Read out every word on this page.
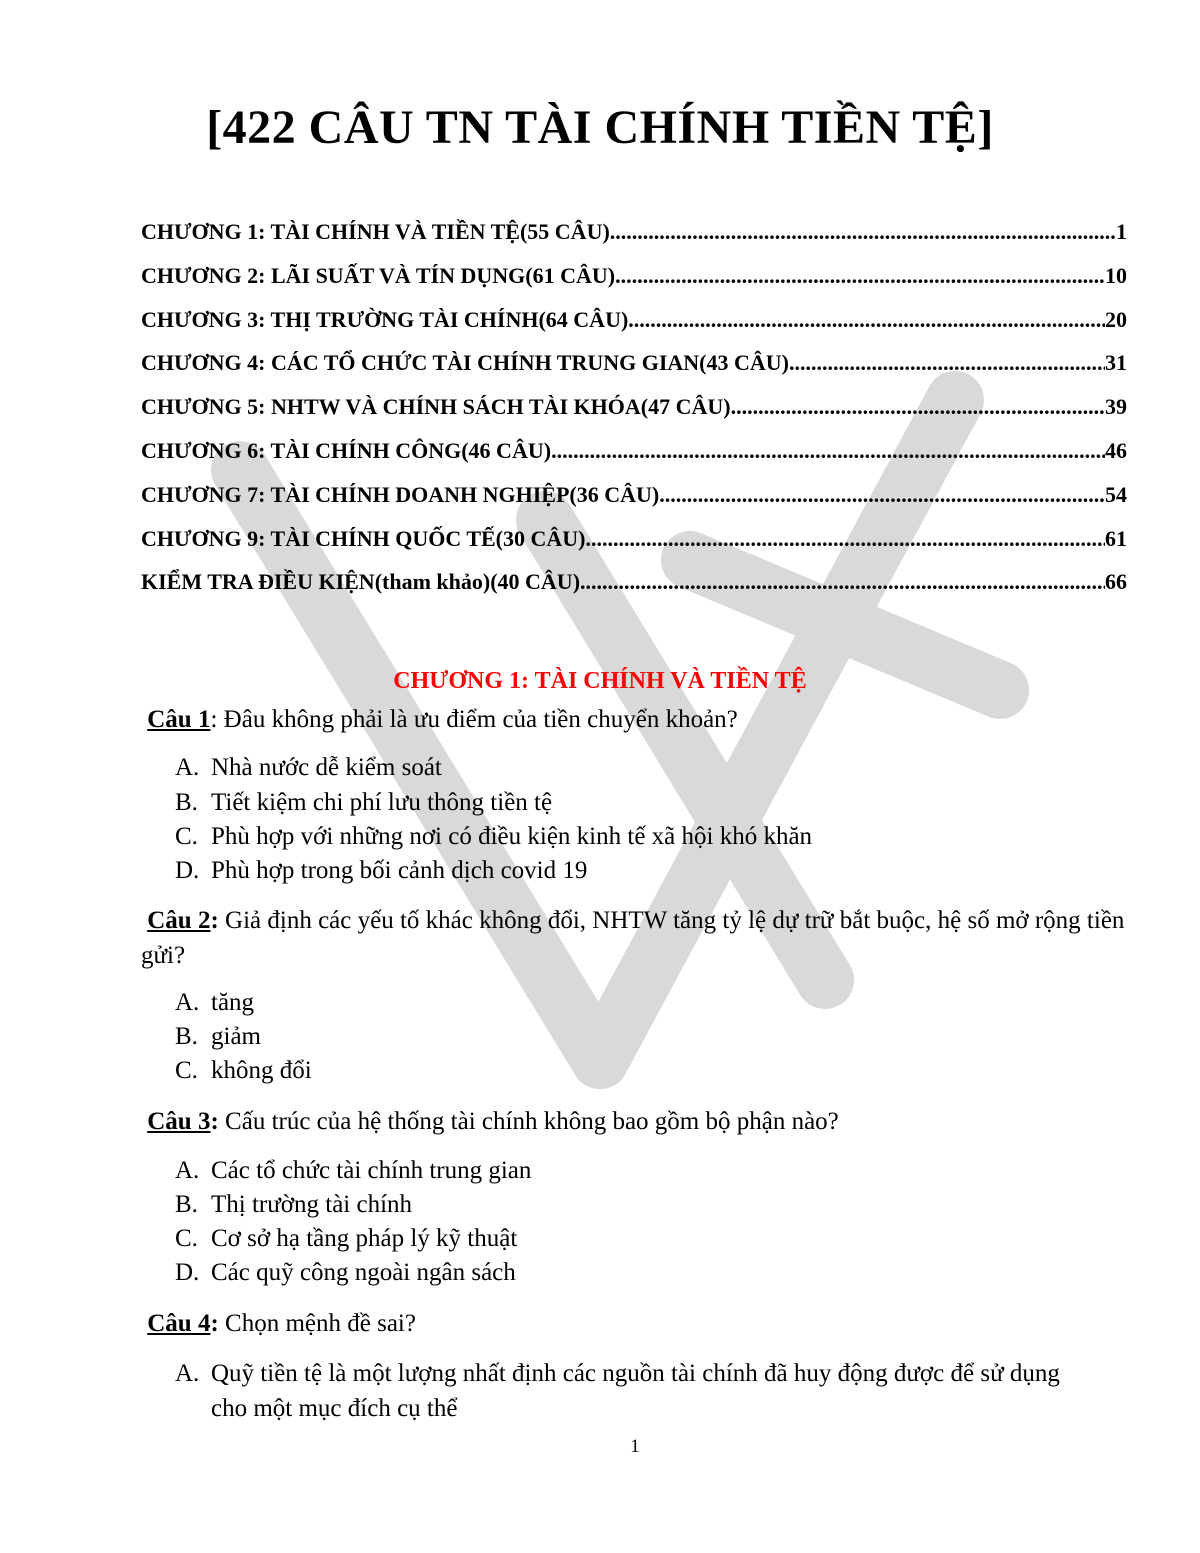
[422 CÂU TN TÀI CHÍNH TIỀN TỆ]
CHƯƠNG 1: TÀI CHÍNH VÀ TIỀN TỆ(55 CÂU) .....	1
CHƯƠNG 2: LÃI SUẤT VÀ TÍN DỤNG(61 CÂU) .....	10
CHƯƠNG 3: THỊ TRƯỜNG TÀI CHÍNH(64 CÂU) .....	20
CHƯƠNG 4: CÁC TỔ CHỨC TÀI CHÍNH TRUNG GIAN(43 CÂU) .....	31
CHƯƠNG 5: NHTW VÀ CHÍNH SÁCH TÀI KHÓA(47 CÂU) .....	39
CHƯƠNG 6: TÀI CHÍNH CÔNG(46 CÂU) .....	46
CHƯƠNG 7: TÀI CHÍNH DOANH NGHIỆP(36 CÂU) .....	54
CHƯƠNG 9: TÀI CHÍNH QUỐC TẾ(30 CÂU) .....	61
KIỂM TRA ĐIỀU KIỆN(tham khảo)(40 CÂU) .....	66
CHƯƠNG 1: TÀI CHÍNH VÀ TIỀN TỆ
Câu 1: Đâu không phải là ưu điểm của tiền chuyển khoản?
A. Nhà nước dễ kiểm soát
B. Tiết kiệm chi phí lưu thông tiền tệ
C. Phù hợp với những nơi có điều kiện kinh tế xã hội khó khăn
D. Phù hợp trong bối cảnh dịch covid 19
Câu 2: Giả định các yếu tố khác không đổi, NHTW tăng tỷ lệ dự trữ bắt buộc, hệ số mở rộng tiền gửi?
A. tăng
B. giảm
C. không đổi
Câu 3: Cấu trúc của hệ thống tài chính không bao gồm bộ phận nào?
A. Các tổ chức tài chính trung gian
B. Thị trường tài chính
C. Cơ sở hạ tầng pháp lý kỹ thuật
D. Các quỹ công ngoài ngân sách
Câu 4: Chọn mệnh đề sai?
A. Quỹ tiền tệ là một lượng nhất định các nguồn tài chính đã huy động được để sử dụng cho một mục đích cụ thể
1
